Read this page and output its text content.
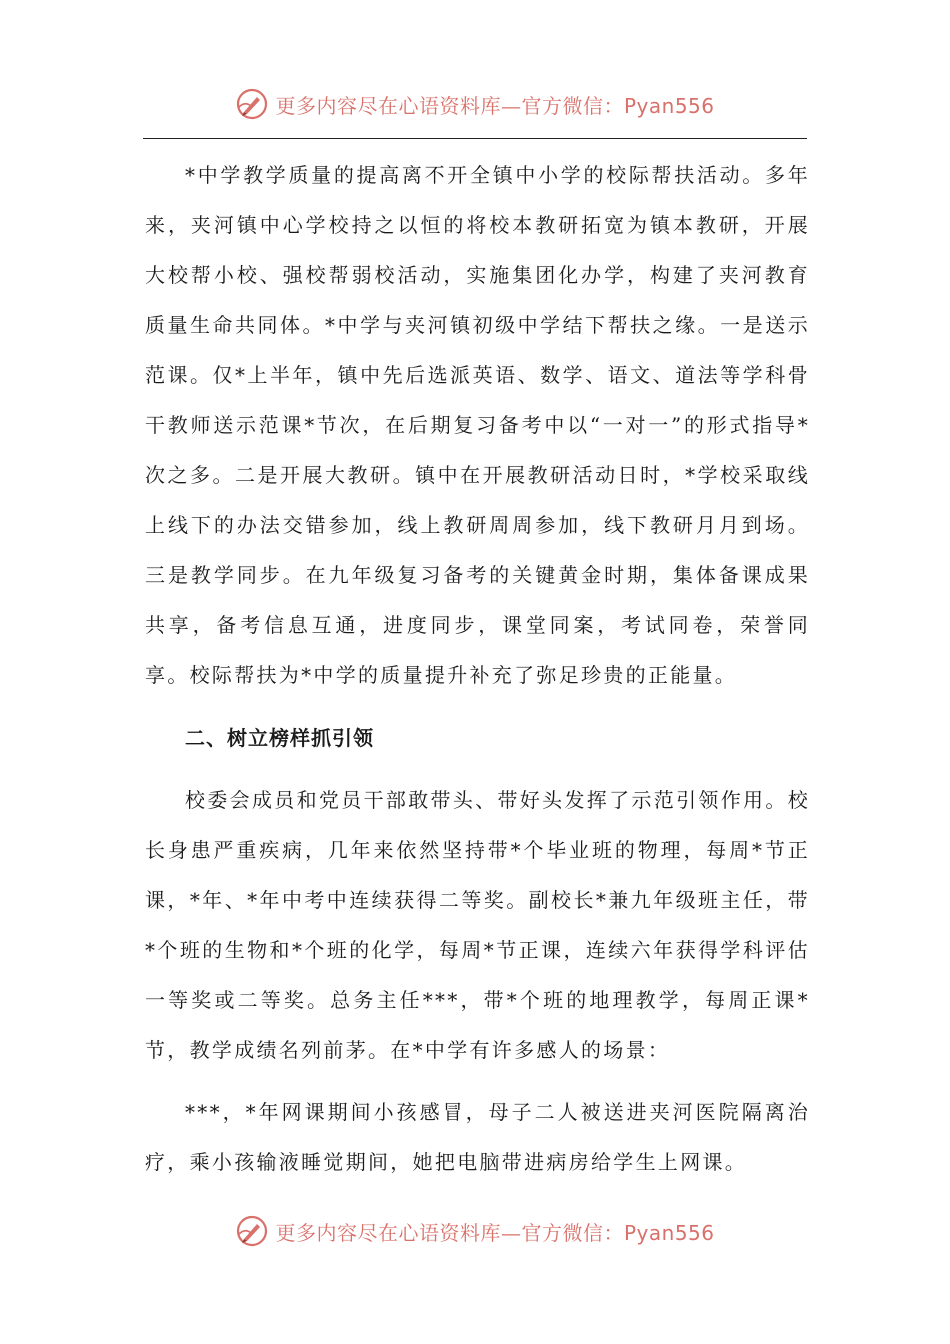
更多内容尽在心语资料库—官方微信：Pyan556

*中学教学质量的提高离不开全镇中小学的校际帮扶活动。多年来，夹河镇中心学校持之以恒的将校本教研拓宽为镇本教研，开展大校帮小校、强校帮弱校活动，实施集团化办学，构建了夹河教育质量生命共同体。*中学与夹河镇初级中学结下帮扶之缘。一是送示范课。仅*上半年，镇中先后选派英语、数学、语文、道法等学科骨干教师送示范课*节次，在后期复习备考中以“一对一”的形式指导*次之多。二是开展大教研。镇中在开展教研活动日时，*学校采取线上线下的办法交错参加，线上教研周周参加，线下教研月月到场。三是教学同步。在九年级复习备考的关键黄金时期，集体备课成果共享，备考信息互通，进度同步，课堂同案，考试同卷，荣誉同享。校际帮扶为*中学的质量提升补充了弥足珍贵的正能量。

二、树立榜样抓引领

校委会成员和党员干部敢带头、带好头发挥了示范引领作用。校长身患严重疾病，几年来依然坚持带*个毕业班的物理，每周*节正课，*年、*年中考中连续获得二等奖。副校长*兼九年级班主任，带*个班的生物和*个班的化学，每周*节正课，连续六年获得学科评估一等奖或二等奖。总务主任***，带*个班的地理教学，每周正课*节，教学成绩名列前茅。在*中学有许多感人的场景：

***，*年网课期间小孩感冒，母子二人被送进夹河医院隔离治疗，乘小孩输液睡觉期间，她把电脑带进病房给学生上网课。

更多内容尽在心语资料库—官方微信：Pyan556
